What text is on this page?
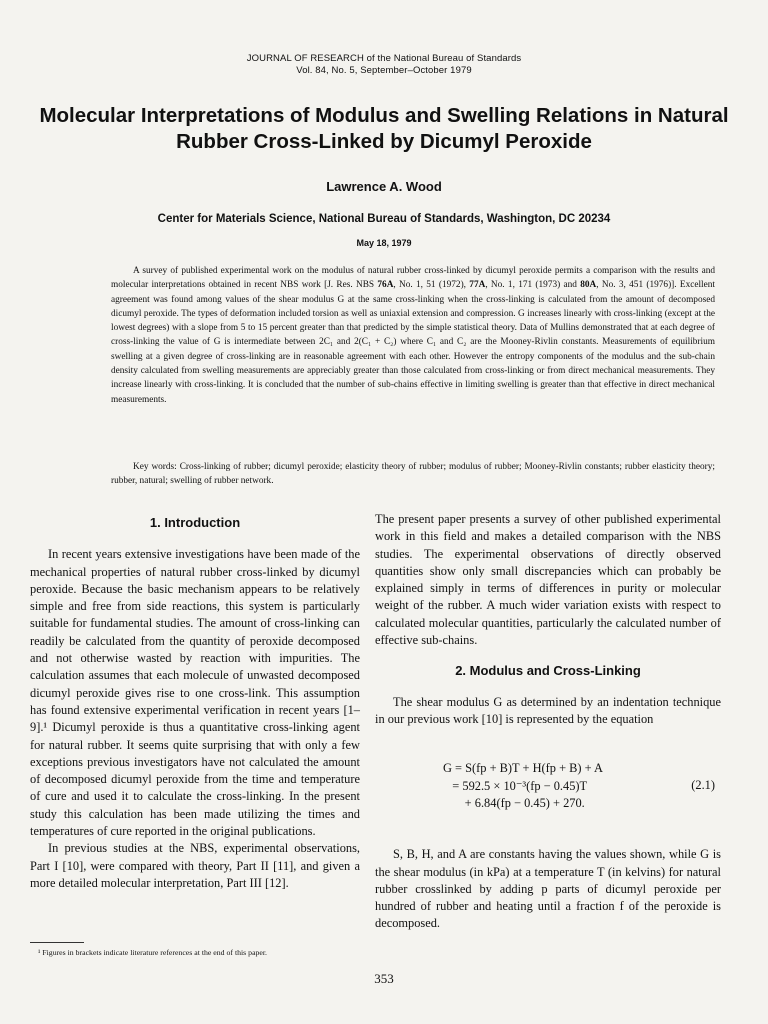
JOURNAL OF RESEARCH of the National Bureau of Standards
Vol. 84, No. 5, September–October 1979
Molecular Interpretations of Modulus and Swelling Relations in Natural Rubber Cross-Linked by Dicumyl Peroxide
Lawrence A. Wood
Center for Materials Science, National Bureau of Standards, Washington, DC 20234
May 18, 1979

A survey of published experimental work on the modulus of natural rubber cross-linked by dicumyl peroxide permits a comparison with the results and molecular interpretations obtained in recent NBS work [J. Res. NBS 76A, No. 1, 51 (1972), 77A, No. 1, 171 (1973) and 80A, No. 3, 451 (1976)]. Excellent agreement was found among values of the shear modulus G at the same cross-linking when the cross-linking is calculated from the amount of decomposed dicumyl peroxide. The types of deformation included torsion as well as uniaxial extension and compression. G increases linearly with cross-linking (except at the lowest degrees) with a slope from 5 to 15 percent greater than that predicted by the simple statistical theory. Data of Mullins demonstrated that at each degree of cross-linking the value of G is intermediate between 2C₁ and 2(C₁ + C₂) where C₁ and C₂ are the Mooney-Rivlin constants. Measurements of equilibrium swelling at a given degree of cross-linking are in reasonable agreement with each other. However the entropy components of the modulus and the sub-chain density calculated from swelling measurements are appreciably greater than those calculated from cross-linking or from direct mechanical measurements. They increase linearly with cross-linking. It is concluded that the number of sub-chains effective in limiting swelling is greater than that effective in direct mechanical measurements.

Key words: Cross-linking of rubber; dicumyl peroxide; elasticity theory of rubber; modulus of rubber; Mooney-Rivlin constants; rubber elasticity theory; rubber, natural; swelling of rubber network.

1. Introduction

In recent years extensive investigations have been made of the mechanical properties of natural rubber cross-linked by dicumyl peroxide. Because the basic mechanism appears to be relatively simple and free from side reactions, this system is particularly suitable for fundamental studies. The amount of cross-linking can readily be calculated from the quantity of peroxide decomposed and not otherwise wasted by reaction with impurities. The calculation assumes that each molecule of unwasted decomposed dicumyl peroxide gives rise to one cross-link. This assumption has found extensive experimental verification in recent years [1–9].¹ Dicumyl peroxide is thus a quantitative cross-linking agent for natural rubber. It seems quite surprising that with only a few exceptions previous investigators have not calculated the amount of decomposed dicumyl peroxide from the time and temperature of cure and used it to calculate the cross-linking. In the present study this calculation has been made utilizing the times and temperatures of cure reported in the original publications.

In previous studies at the NBS, experimental observations, Part I [10], were compared with theory, Part II [11], and given a more detailed molecular interpretation, Part III [12].

¹ Figures in brackets indicate literature references at the end of this paper.

The present paper presents a survey of other published experimental work in this field and makes a detailed comparison with the NBS studies. The experimental observations of directly observed quantities show only small discrepancies which can probably be explained simply in terms of differences in purity or molecular weight of the rubber. A much wider variation exists with respect to calculated molecular quantities, particularly the calculated number of effective sub-chains.

2. Modulus and Cross-Linking

The shear modulus G as determined by an indentation technique in our previous work [10] is represented by the equation

G = S(fp + B)T + H(fp + B) + A
= 592.5 × 10⁻³(fp − 0.45)T
+ 6.84(fp − 0.45) + 270.
(2.1)

S, B, H, and A are constants having the values shown, while G is the shear modulus (in kPa) at a temperature T (in kelvins) for natural rubber crosslinked by adding p parts of dicumyl peroxide per hundred of rubber and heating until a fraction f of the peroxide is decomposed.

353
